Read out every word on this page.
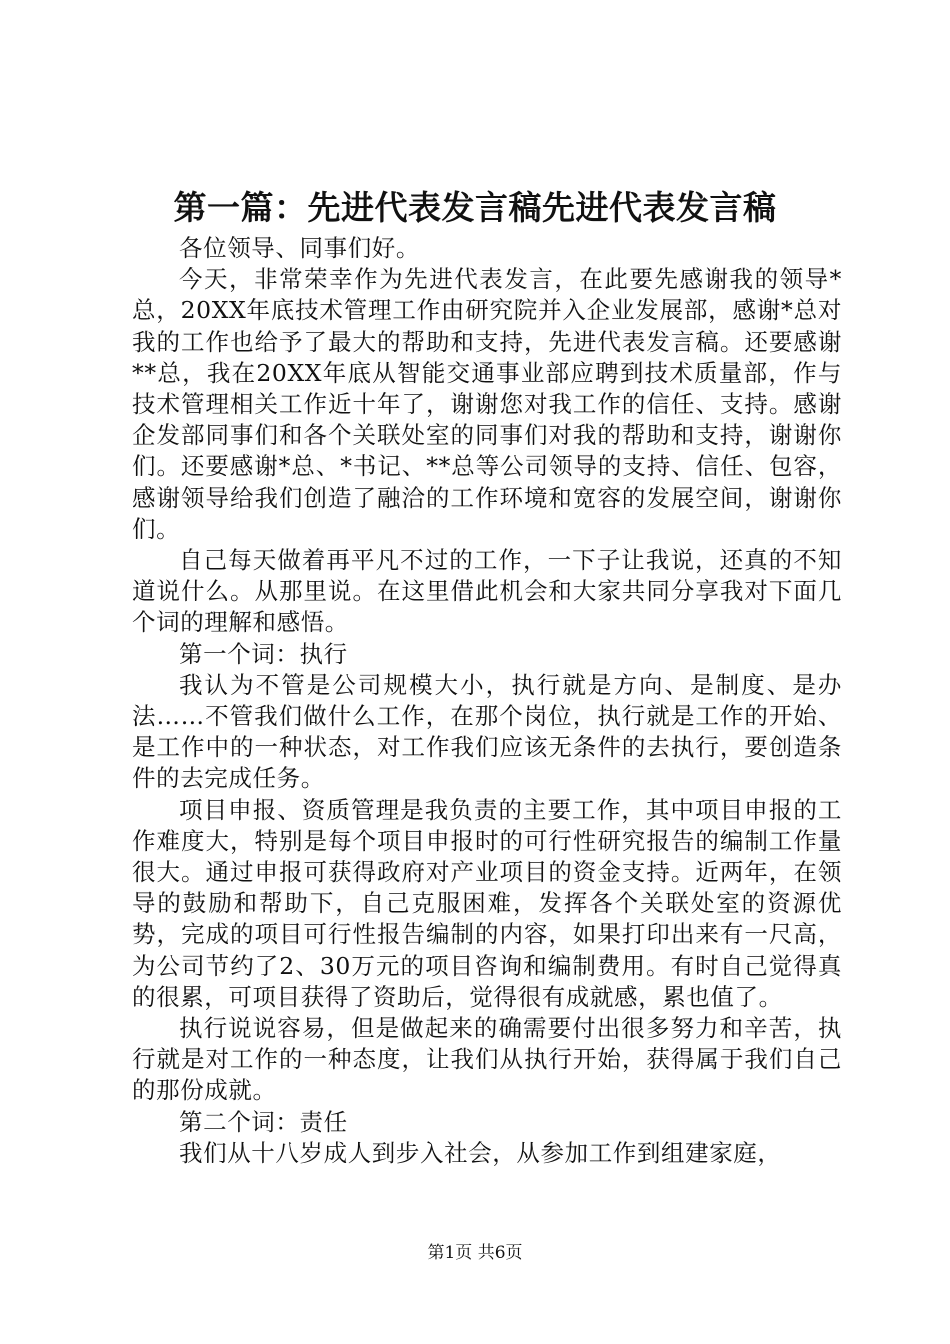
第一篇：先进代表发言稿先进代表发言稿

各位领导、同事们好。

今天，非常荣幸作为先进代表发言，在此要先感谢我的领导*总，20XX年底技术管理工作由研究院并入企业发展部，感谢*总对我的工作也给予了最大的帮助和支持，先进代表发言稿。还要感谢**总，我在20XX年底从智能交通事业部应聘到技术质量部，作与技术管理相关工作近十年了，谢谢您对我工作的信任、支持。感谢企发部同事们和各个关联处室的同事们对我的帮助和支持，谢谢你们。还要感谢*总、*书记、**总等公司领导的支持、信任、包容，感谢领导给我们创造了融洽的工作环境和宽容的发展空间，谢谢你们。

自己每天做着再平凡不过的工作，一下子让我说，还真的不知道说什么。从那里说。在这里借此机会和大家共同分享我对下面几个词的理解和感悟。

第一个词：执行

我认为不管是公司规模大小，执行就是方向、是制度、是办法……不管我们做什么工作，在那个岗位，执行就是工作的开始、是工作中的一种状态，对工作我们应该无条件的去执行，要创造条件的去完成任务。

项目申报、资质管理是我负责的主要工作，其中项目申报的工作难度大，特别是每个项目申报时的可行性研究报告的编制工作量很大。通过申报可获得政府对产业项目的资金支持。近两年，在领导的鼓励和帮助下，自己克服困难，发挥各个关联处室的资源优势，完成的项目可行性报告编制的内容，如果打印出来有一尺高，为公司节约了2、30万元的项目咨询和编制费用。有时自己觉得真的很累，可项目获得了资助后，觉得很有成就感，累也值了。

执行说说容易，但是做起来的确需要付出很多努力和辛苦，执行就是对工作的一种态度，让我们从执行开始，获得属于我们自己的那份成就。

第二个词：责任

我们从十八岁成人到步入社会，从参加工作到组建家庭，

第1页 共6页
